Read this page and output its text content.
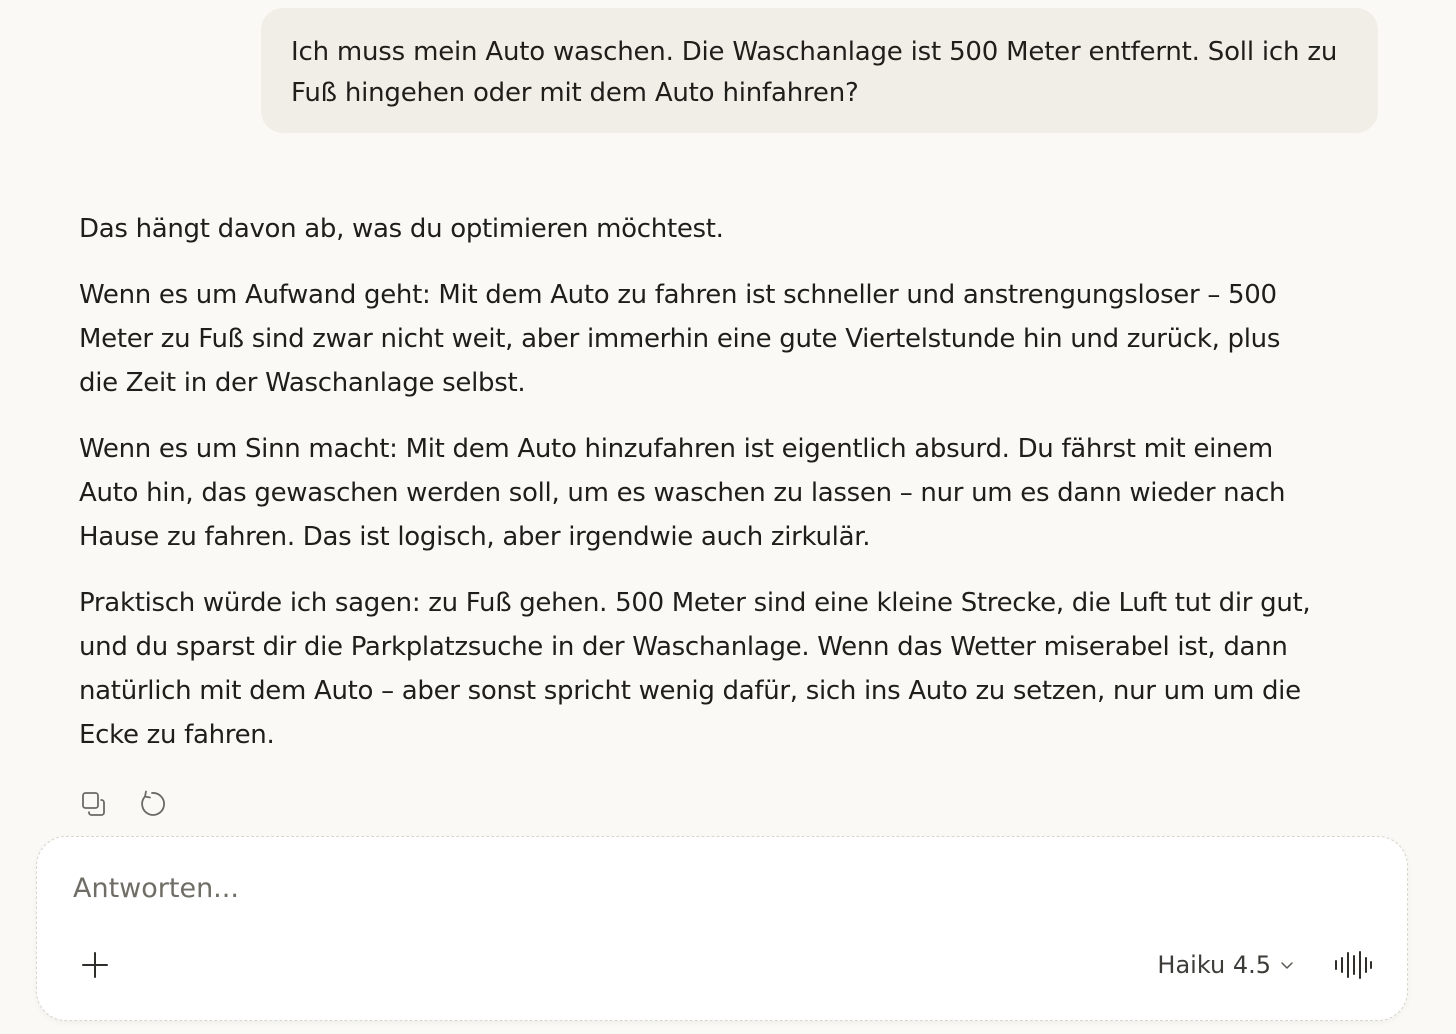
Ich muss mein Auto waschen. Die Waschanlage ist 500 Meter entfernt. Soll ich zu Fuß hingehen oder mit dem Auto hinfahren?

Das hängt davon ab, was du optimieren möchtest.

Wenn es um Aufwand geht: Mit dem Auto zu fahren ist schneller und anstrengungsloser – 500 Meter zu Fuß sind zwar nicht weit, aber immerhin eine gute Viertelstunde hin und zurück, plus die Zeit in der Waschanlage selbst.

Wenn es um Sinn macht: Mit dem Auto hinzufahren ist eigentlich absurd. Du fährst mit einem Auto hin, das gewaschen werden soll, um es waschen zu lassen – nur um es dann wieder nach Hause zu fahren. Das ist logisch, aber irgendwie auch zirkulär.

Praktisch würde ich sagen: zu Fuß gehen. 500 Meter sind eine kleine Strecke, die Luft tut dir gut, und du sparst dir die Parkplatzsuche in der Waschanlage. Wenn das Wetter miserabel ist, dann natürlich mit dem Auto – aber sonst spricht wenig dafür, sich ins Auto zu setzen, nur um um die Ecke zu fahren.

Antworten...
Haiku 4.5
